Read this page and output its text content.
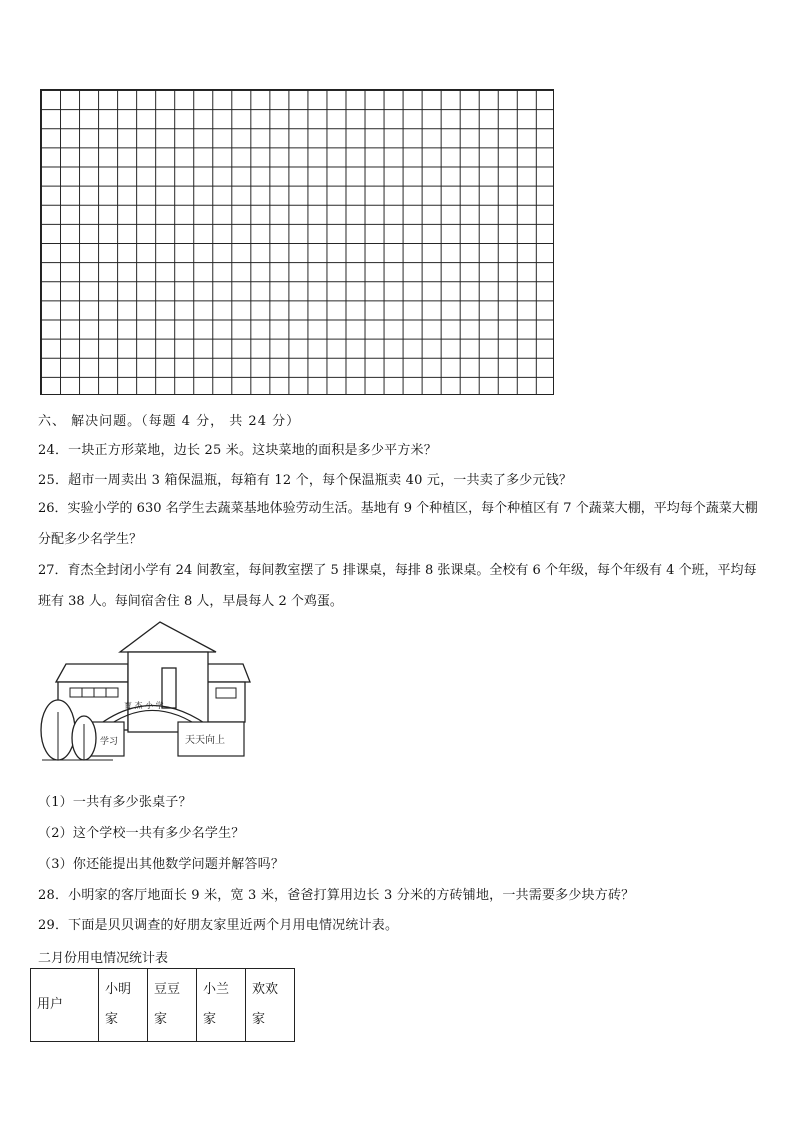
六、 解决问题。（每题 4 分， 共 24 分）
24．一块正方形菜地，边长 25 米。这块菜地的面积是多少平方米？
25．超市一周卖出 3 箱保温瓶，每箱有 12 个，每个保温瓶卖 40 元，一共卖了多少元钱？
26．实验小学的 630 名学生去蔬菜基地体验劳动生活。基地有 9 个种植区，每个种植区有 7 个蔬菜大棚，平均每个蔬菜大棚分配多少名学生？
27．育杰全封闭小学有 24 间教室，每间教室摆了 5 排课桌，每排 8 张课桌。全校有 6 个年级，每个年级有 4 个班，平均每班有 38 人。每间宿舍住 8 人，早晨每人 2 个鸡蛋。
育 杰 小 学
学习	天天向上
（1）一共有多少张桌子？
（2）这个学校一共有多少名学生？
（3）你还能提出其他数学问题并解答吗？
28．小明家的客厅地面长 9 米，宽 3 米，爸爸打算用边长 3 分米的方砖铺地，一共需要多少块方砖？
29．下面是贝贝调查的好朋友家里近两个月用电情况统计表。
二月份用电情况统计表
用户	小明家	豆豆家	小兰家	欢欢家
